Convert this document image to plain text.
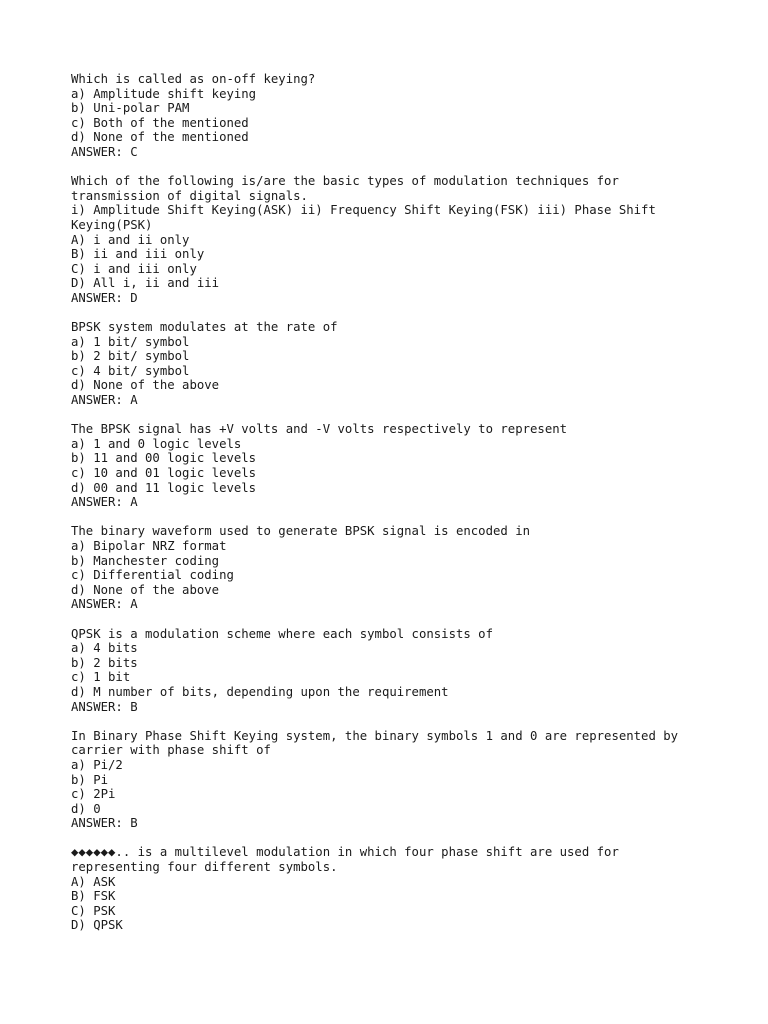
Which is called as on-off keying?
a) Amplitude shift keying
b) Uni-polar PAM
c) Both of the mentioned
d) None of the mentioned
ANSWER: C
Which of the following is/are the basic types of modulation techniques for
transmission of digital signals.
i) Amplitude Shift Keying(ASK) ii) Frequency Shift Keying(FSK) iii) Phase Shift
Keying(PSK)
A) i and ii only
B) ii and iii only
C) i and iii only
D) All i, ii and iii
ANSWER: D
BPSK system modulates at the rate of
a) 1 bit/ symbol
b) 2 bit/ symbol
c) 4 bit/ symbol
d) None of the above
ANSWER: A
The BPSK signal has +V volts and -V volts respectively to represent
a) 1 and 0 logic levels
b) 11 and 00 logic levels
c) 10 and 01 logic levels
d) 00 and 11 logic levels
ANSWER: A
The binary waveform used to generate BPSK signal is encoded in
a) Bipolar NRZ format
b) Manchester coding
c) Differential coding
d) None of the above
ANSWER: A
QPSK is a modulation scheme where each symbol consists of
a) 4 bits
b) 2 bits
c) 1 bit
d) M number of bits, depending upon the requirement
ANSWER: B
In Binary Phase Shift Keying system, the binary symbols 1 and 0 are represented by
carrier with phase shift of
a) Pi/2
b) Pi
c) 2Pi
d) 0
ANSWER: B
◆◆◆◆◆◆.. is a multilevel modulation in which four phase shift are used for
representing four different symbols.
A) ASK
B) FSK
C) PSK
D) QPSK
